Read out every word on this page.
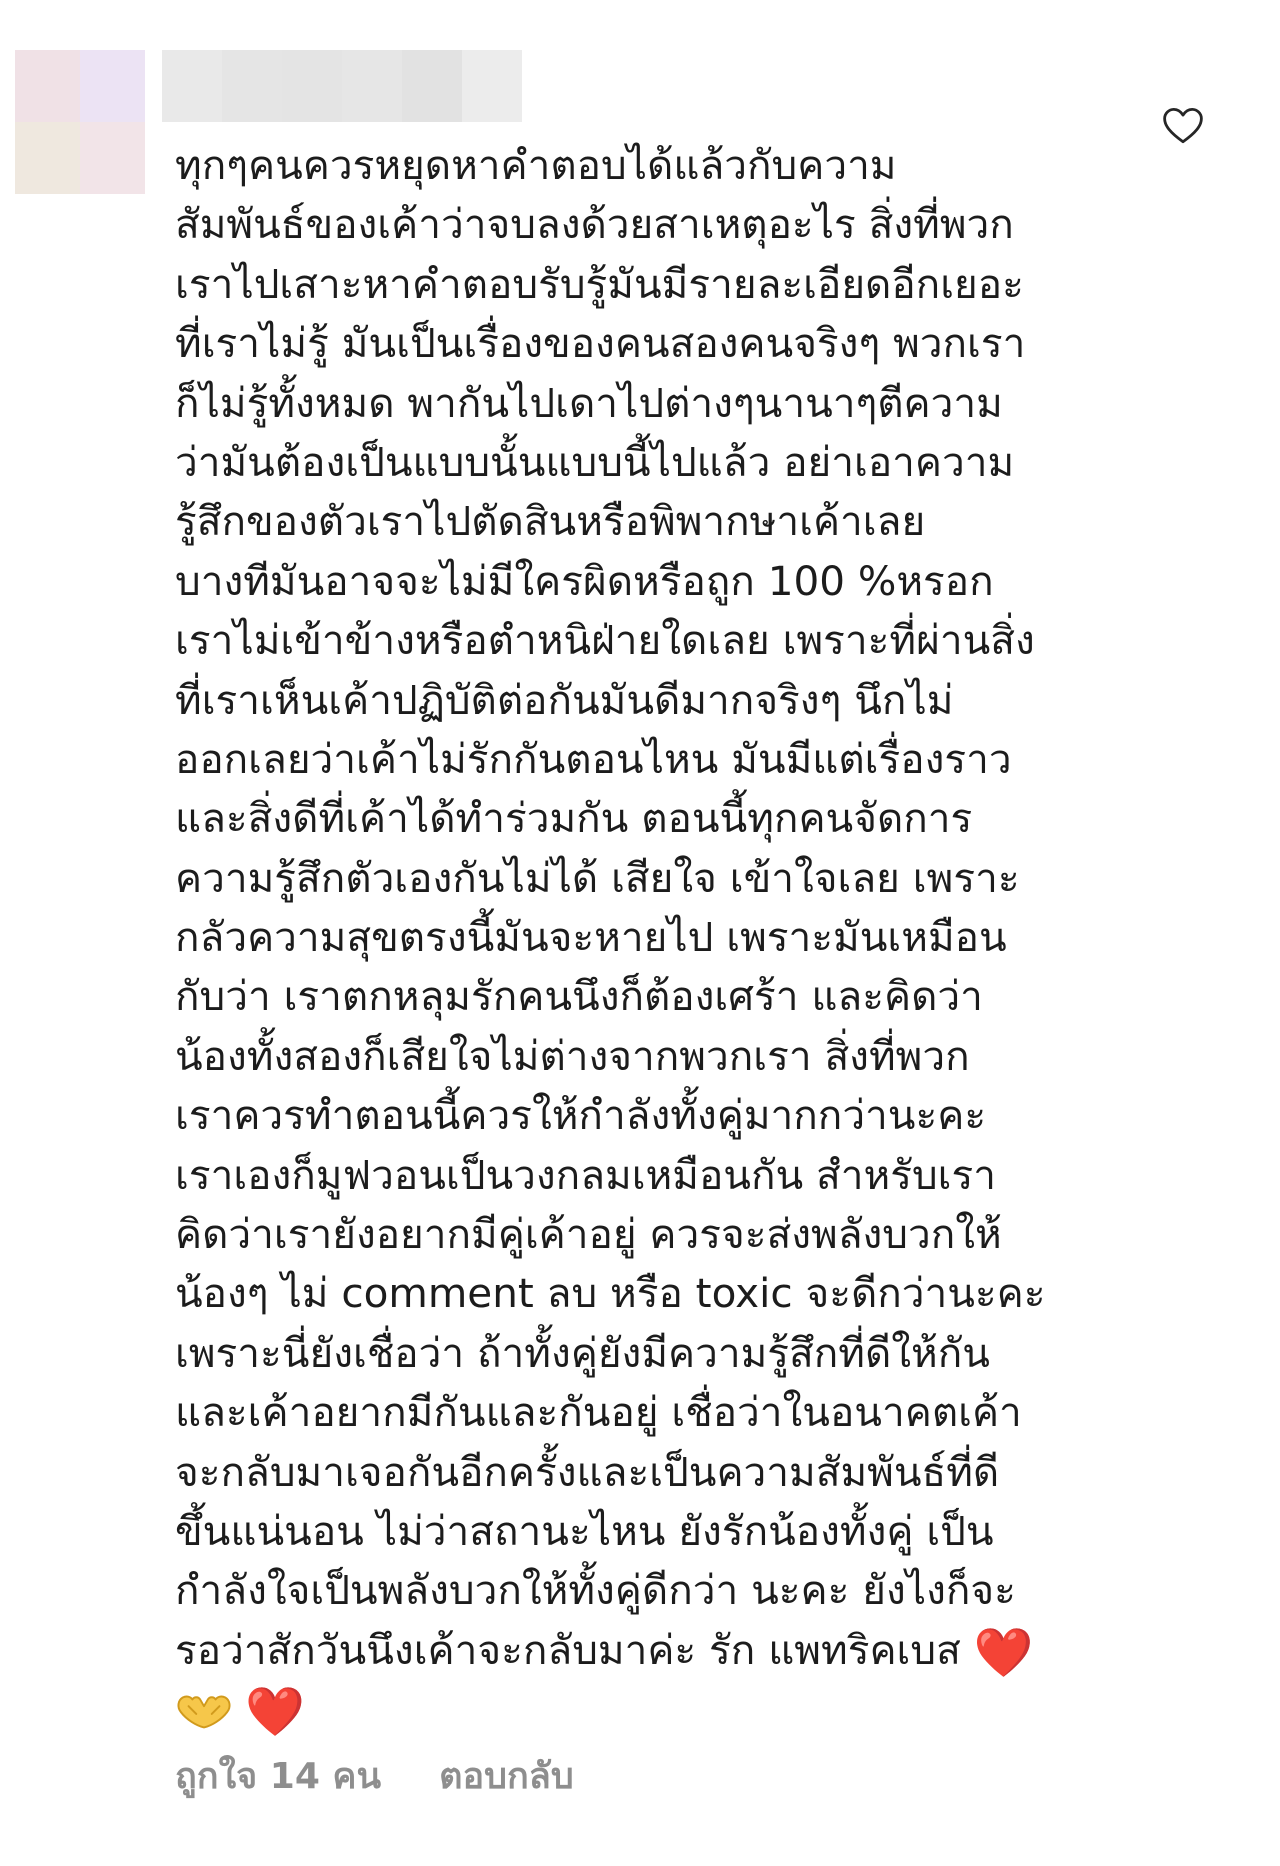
ทุกๆคนควรหยุดหาคำตอบได้แล้วกับความ
สัมพันธ์ของเค้าว่าจบลงด้วยสาเหตุอะไร สิ่งที่พวก
เราไปเสาะหาคำตอบรับรู้มันมีรายละเอียดอีกเยอะ
ที่เราไม่รู้ มันเป็นเรื่องของคนสองคนจริงๆ พวกเรา
ก็ไม่รู้ทั้งหมด พากันไปเดาไปต่างๆนานาๆตีความ
ว่ามันต้องเป็นแบบนั้นแบบนี้ไปแล้ว อย่าเอาความ
รู้สึกของตัวเราไปตัดสินหรือพิพากษาเค้าเลย
บางทีมันอาจจะไม่มีใครผิดหรือถูก 100 %หรอก
เราไม่เข้าข้างหรือตำหนิฝ่ายใดเลย เพราะที่ผ่านสิ่ง
ที่เราเห็นเค้าปฏิบัติต่อกันมันดีมากจริงๆ นึกไม่
ออกเลยว่าเค้าไม่รักกันตอนไหน มันมีแต่เรื่องราว
และสิ่งดีที่เค้าได้ทำร่วมกัน ตอนนี้ทุกคนจัดการ
ความรู้สึกตัวเองกันไม่ได้ เสียใจ เข้าใจเลย เพราะ
กลัวความสุขตรงนี้มันจะหายไป เพราะมันเหมือน
กับว่า เราตกหลุมรักคนนึงก็ต้องเศร้า และคิดว่า
น้องทั้งสองก็เสียใจไม่ต่างจากพวกเรา สิ่งที่พวก
เราควรทำตอนนี้ควรให้กำลังทั้งคู่มากกว่านะคะ
เราเองก็มูฟวอนเป็นวงกลมเหมือนกัน สำหรับเรา
คิดว่าเรายังอยากมีคู่เค้าอยู่ ควรจะส่งพลังบวกให้
น้องๆ ไม่ comment ลบ หรือ toxic จะดีกว่านะคะ
เพราะนี่ยังเชื่อว่า ถ้าทั้งคู่ยังมีความรู้สึกที่ดีให้กัน
และเค้าอยากมีกันและกันอยู่ เชื่อว่าในอนาคตเค้า
จะกลับมาเจอกันอีกครั้งและเป็นความสัมพันธ์ที่ดี
ขึ้นแน่นอน ไม่ว่าสถานะไหน ยังรักน้องทั้งคู่ เป็น
กำลังใจเป็นพลังบวกให้ทั้งคู่ดีกว่า นะคะ ยังไงก็จะ
รอว่าสักวันนึงเค้าจะกลับมาค่ะ รัก แพทริคเบส ❤️
❤️
ถูกใจ 14 คน ตอบกลับ
